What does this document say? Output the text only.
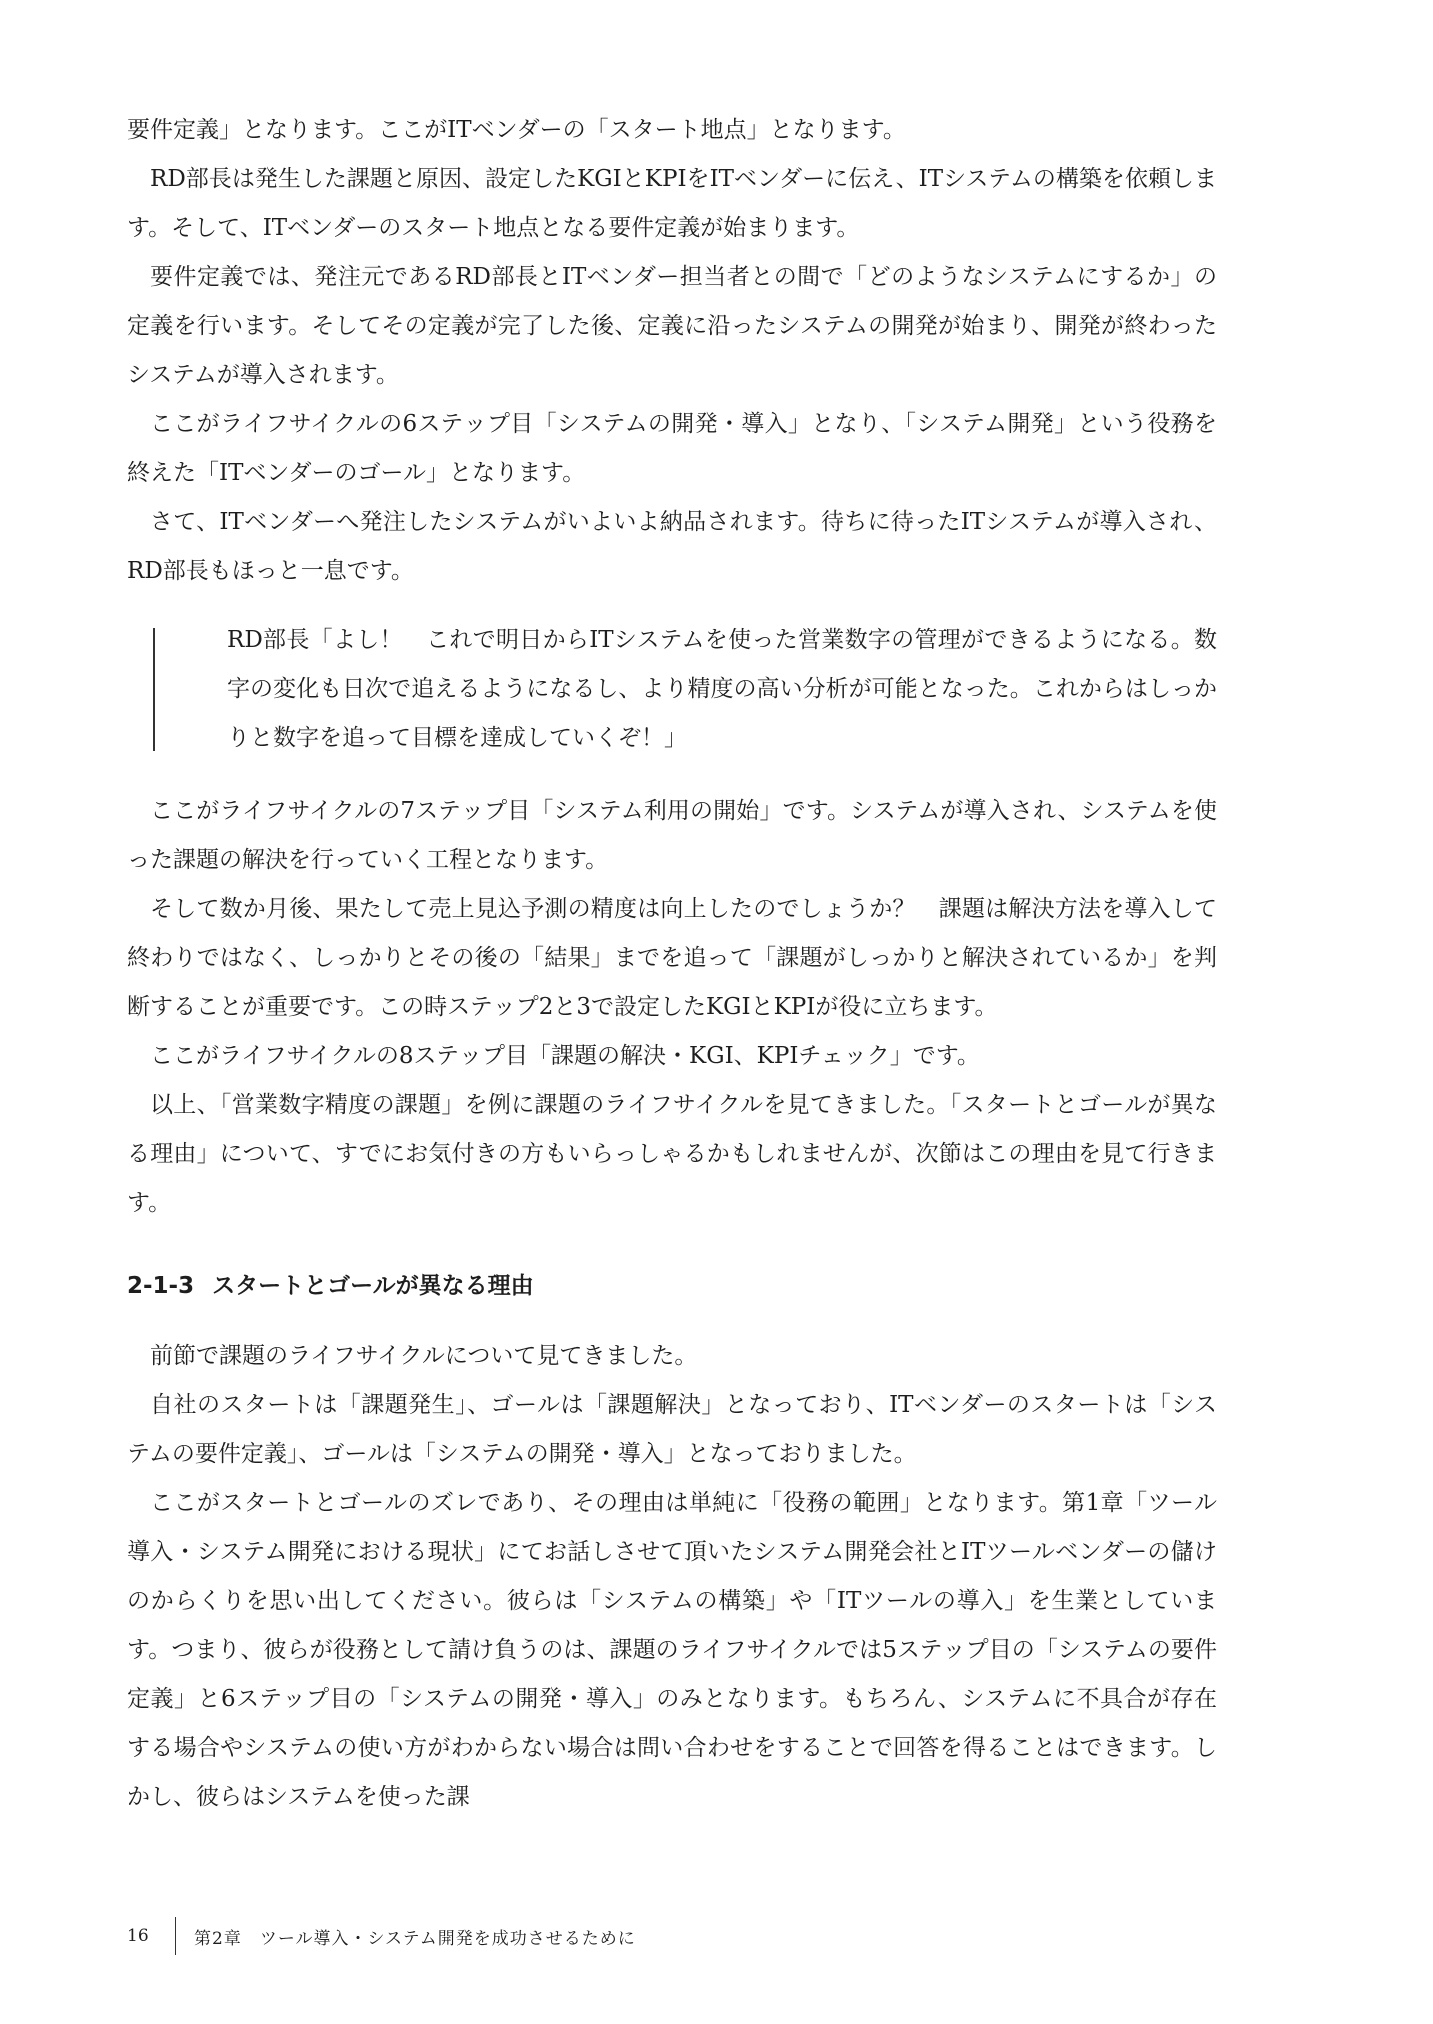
要件定義」となります。ここがITベンダーの「スタート地点」となります。

RD部長は発生した課題と原因、設定したKGIとKPIをITベンダーに伝え、ITシステムの構築を依頼します。そして、ITベンダーのスタート地点となる要件定義が始まります。

要件定義では、発注元であるRD部長とITベンダー担当者との間で「どのようなシステムにするか」の定義を行います。そしてその定義が完了した後、定義に沿ったシステムの開発が始まり、開発が終わったシステムが導入されます。

ここがライフサイクルの6ステップ目「システムの開発・導入」となり、「システム開発」という役務を終えた「ITベンダーのゴール」となります。

さて、ITベンダーへ発注したシステムがいよいよ納品されます。待ちに待ったITシステムが導入され、RD部長もほっと一息です。

RD部長「よし！　これで明日からITシステムを使った営業数字の管理ができるようになる。数字の変化も日次で追えるようになるし、より精度の高い分析が可能となった。これからはしっかりと数字を追って目標を達成していくぞ！」

ここがライフサイクルの7ステップ目「システム利用の開始」です。システムが導入され、システムを使った課題の解決を行っていく工程となります。

そして数か月後、果たして売上見込予測の精度は向上したのでしょうか？　課題は解決方法を導入して終わりではなく、しっかりとその後の「結果」までを追って「課題がしっかりと解決されているか」を判断することが重要です。この時ステップ2と3で設定したKGIとKPIが役に立ちます。

ここがライフサイクルの8ステップ目「課題の解決・KGI、KPIチェック」です。

以上、「営業数字精度の課題」を例に課題のライフサイクルを見てきました。「スタートとゴールが異なる理由」について、すでにお気付きの方もいらっしゃるかもしれませんが、次節はこの理由を見て行きます。

2-1-3 スタートとゴールが異なる理由

前節で課題のライフサイクルについて見てきました。

自社のスタートは「課題発生」、ゴールは「課題解決」となっており、ITベンダーのスタートは「システムの要件定義」、ゴールは「システムの開発・導入」となっておりました。

ここがスタートとゴールのズレであり、その理由は単純に「役務の範囲」となります。第1章「ツール導入・システム開発における現状」にてお話しさせて頂いたシステム開発会社とITツールベンダーの儲けのからくりを思い出してください。彼らは「システムの構築」や「ITツールの導入」を生業としています。つまり、彼らが役務として請け負うのは、課題のライフサイクルでは5ステップ目の「システムの要件定義」と6ステップ目の「システムの開発・導入」のみとなります。もちろん、システムに不具合が存在する場合やシステムの使い方がわからない場合は問い合わせをすることで回答を得ることはできます。しかし、彼らはシステムを使った課

16	第2章　ツール導入・システム開発を成功させるために
